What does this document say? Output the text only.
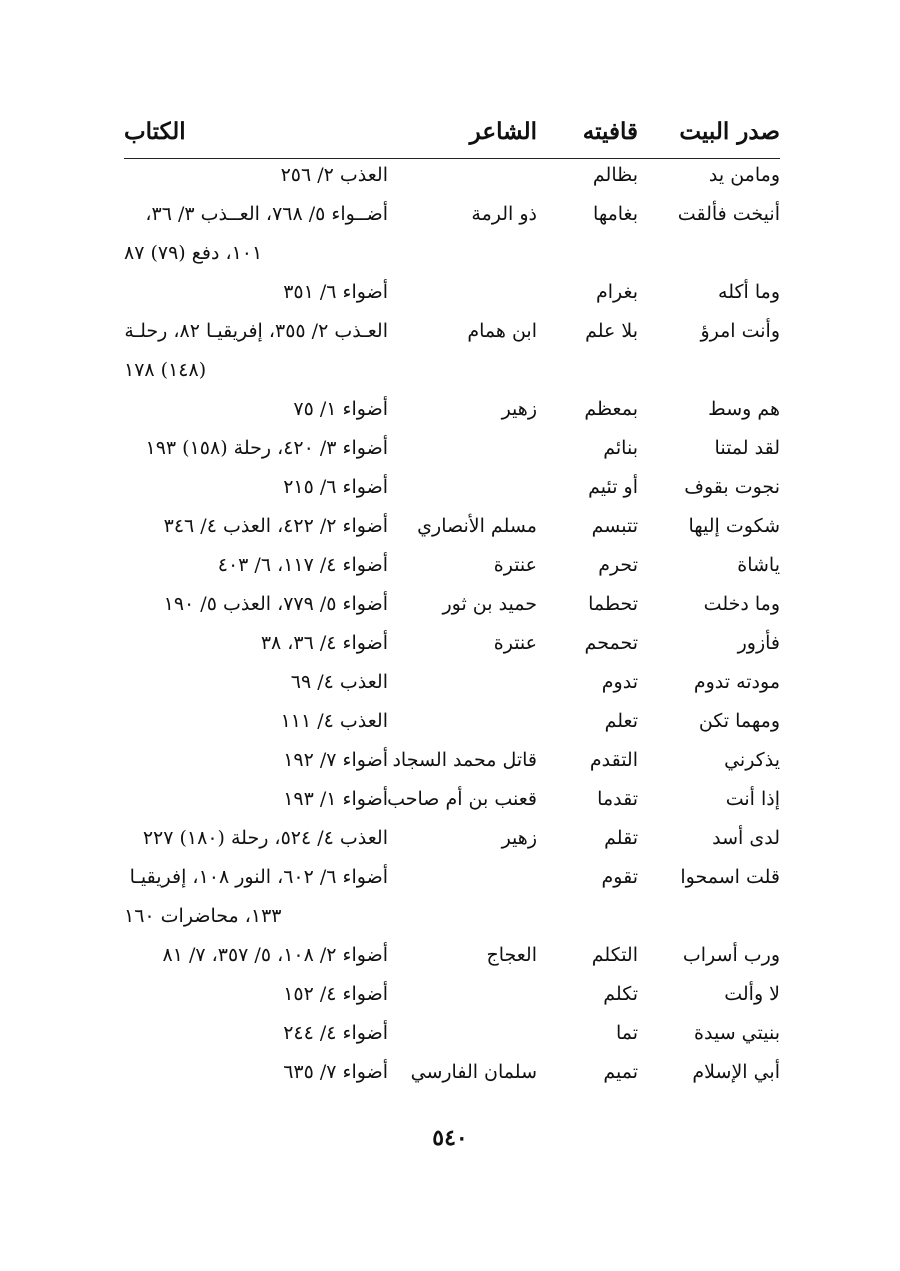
صدر البيت
قافيته
الشاعر
الكتاب
ومامن يد
بظالم
العذب ٢/ ٢٥٦
أنيخت فألقت
بغامها
ذو الرمة
أضــواء ٥/ ٧٦٨، العــذب ٣/ ٣٦،
١٠١، دفع (٧٩) ٨٧
وما أكله
بغرام
أضواء ٦/ ٣٥١
وأنت امرؤ
بلا علم
ابن همام
العـذب ٢/ ٣٥٥، إفريقيـا ٨٢، رحلـة
(١٤٨) ١٧٨
هم وسط
بمعظم
زهير
أضواء ١/ ٧٥
لقد لمتنا
بنائم
أضواء ٣/ ٤٢٠، رحلة (١٥٨) ١٩٣
نجوت بقوف
أو تئيم
أضواء ٦/ ٢١٥
شكوت إليها
تتبسم
مسلم الأنصاري
أضواء ٢/ ٤٢٢، العذب ٤/ ٣٤٦
ياشاة
تحرم
عنترة
أضواء ٤/ ١١٧، ٦/ ٤٠٣
وما دخلت
تحطما
حميد بن ثور
أضواء ٥/ ٧٧٩، العذب ٥/ ١٩٠
فأزور
تحمحم
عنترة
أضواء ٤/ ٣٦، ٣٨
مودته تدوم
تدوم
العذب ٤/ ٦٩
ومهما تكن
تعلم
العذب ٤/ ١١١
يذكرني
التقدم
قاتل محمد السجاد
أضواء ٧/ ١٩٢
إذا أنت
تقدما
قعنب بن أم صاحب
أضواء ١/ ١٩٣
لدى أسد
تقلم
زهير
العذب ٤/ ٥٢٤، رحلة (١٨٠) ٢٢٧
قلت اسمحوا
تقوم
أضواء ٦/ ٦٠٢، النور ١٠٨، إفريقيـا
١٣٣، محاضرات ١٦٠
ورب أسراب
التكلم
العجاج
أضواء ٢/ ١٠٨، ٥/ ٣٥٧، ٧/ ٨١
لا وألت
تكلم
أضواء ٤/ ١٥٢
بنيتي سيدة
تما
أضواء ٤/ ٢٤٤
أبي الإسلام
تميم
سلمان الفارسي
أضواء ٧/ ٦٣٥
٥٤٠
